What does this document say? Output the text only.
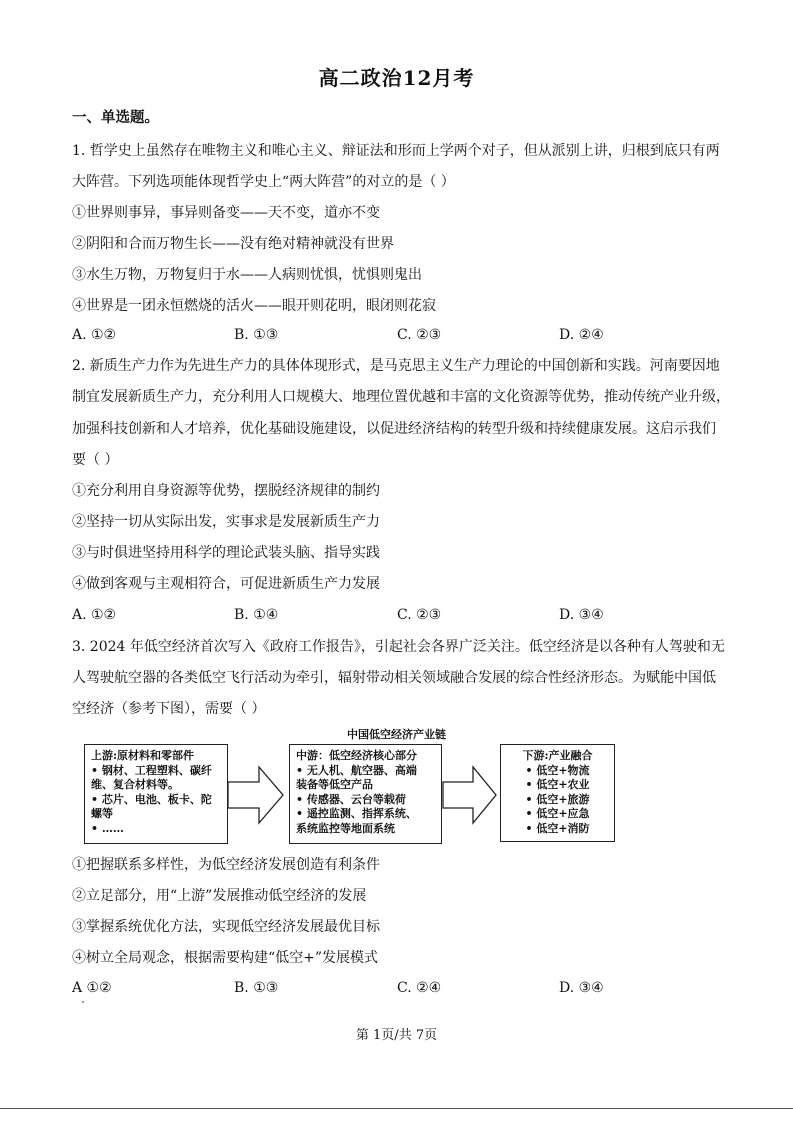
高二政治12月考
一、单选题。
1. 哲学史上虽然存在唯物主义和唯心主义、辩证法和形而上学两个对子，但从派别上讲，归根到底只有两
大阵营。下列选项能体现哲学史上“两大阵营”的对立的是（ ）
①世界则事异，事异则备变——天不变，道亦不变
②阴阳和合而万物生长——没有绝对精神就没有世界
③水生万物，万物复归于水——人病则忧惧，忧惧则鬼出
④世界是一团永恒燃烧的活火——眼开则花明，眼闭则花寂
A. ①②	B. ①③	C. ②③	D. ②④
2. 新质生产力作为先进生产力的具体体现形式，是马克思主义生产力理论的中国创新和实践。河南要因地
制宜发展新质生产力，充分利用人口规模大、地理位置优越和丰富的文化资源等优势，推动传统产业升级，
加强科技创新和人才培养，优化基础设施建设，以促进经济结构的转型升级和持续健康发展。这启示我们
要（ ）
①充分利用自身资源等优势，摆脱经济规律的制约
②坚持一切从实际出发，实事求是发展新质生产力
③与时俱进坚持用科学的理论武装头脑、指导实践
④做到客观与主观相符合，可促进新质生产力发展
A. ①②	B. ①④	C. ②③	D. ③④
3. 2024 年低空经济首次写入《政府工作报告》，引起社会各界广泛关注。低空经济是以各种有人驾驶和无
人驾驶航空器的各类低空飞行活动为牵引，辐射带动相关领域融合发展的综合性经济形态。为赋能中国低
空经济（参考下图），需要（ ）
中国低空经济产业链
上游:原材料和零部件
• 钢材、工程塑料、碳纤
维、复合材料等。
• 芯片、电池、板卡、陀
螺等
• ……
中游：低空经济核心部分
• 无人机、航空器、高端
装备等低空产品
• 传感器、云台等载荷
• 遥控监测、指挥系统、
系统监控等地面系统
下游:产业融合
• 低空+物流
• 低空+农业
• 低空+旅游
• 低空+应急
• 低空+消防
①把握联系多样性，为低空经济发展创造有利条件
②立足部分，用“上游”发展推动低空经济的发展
③掌握系统优化方法，实现低空经济发展最优目标
④树立全局观念，根据需要构建“低空+”发展模式
A ①②	B. ①③	C. ②④	D. ③④
第 1页/共 7页
